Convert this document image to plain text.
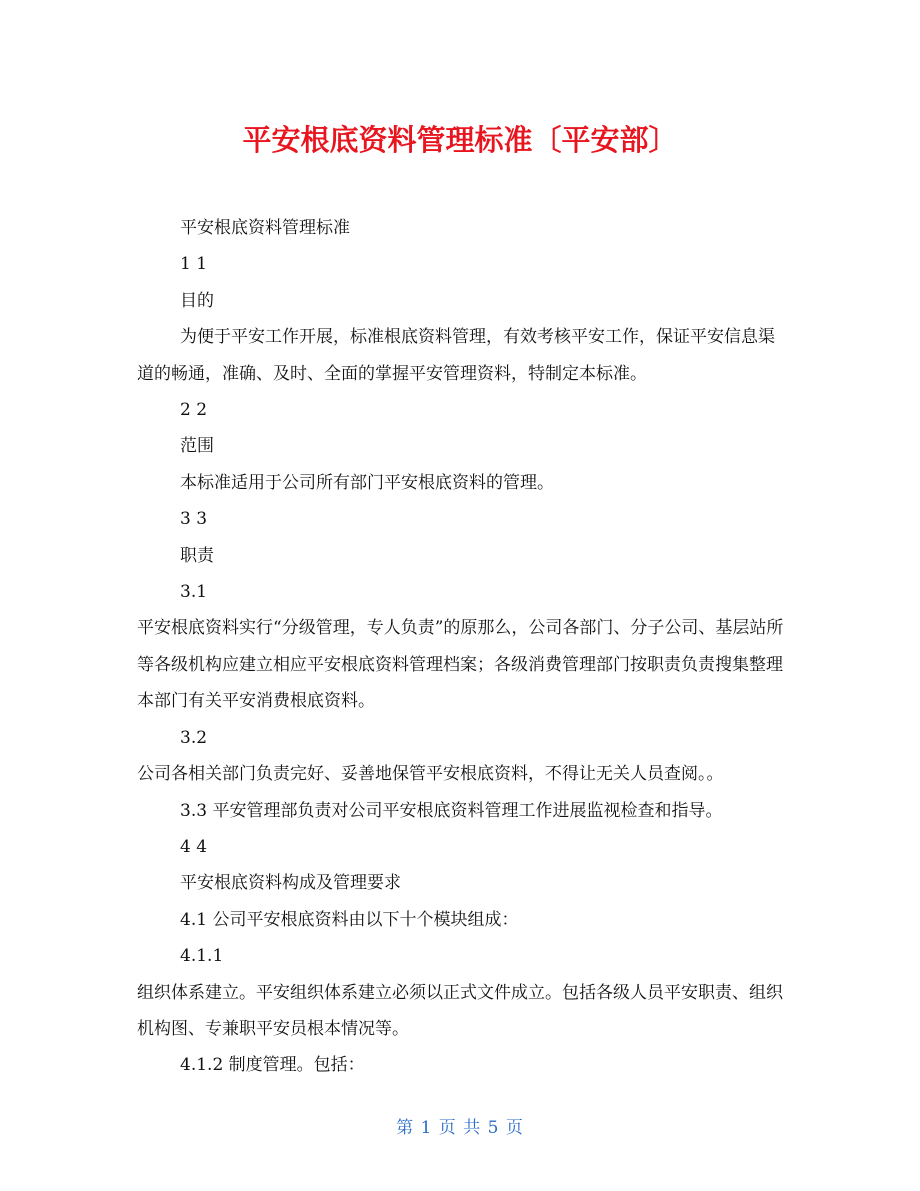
平安根底资料管理标准〔平安部〕

平安根底资料管理标准

1 1

目的

为便于平安工作开展，标准根底资料管理，有效考核平安工作，保证平安信息渠道的畅通，准确、及时、全面的掌握平安管理资料，特制定本标准。

2 2

范围

本标准适用于公司所有部门平安根底资料的管理。

3 3

职责

3.1

平安根底资料实行“分级管理，专人负责”的原那么，公司各部门、分子公司、基层站所等各级机构应建立相应平安根底资料管理档案；各级消费管理部门按职责负责搜集整理本部门有关平安消费根底资料。

3.2

公司各相关部门负责完好、妥善地保管平安根底资料，不得让无关人员查阅。。

3.3 平安管理部负责对公司平安根底资料管理工作进展监视检查和指导。

4 4

平安根底资料构成及管理要求

4.1 公司平安根底资料由以下十个模块组成：

4.1.1

组织体系建立。平安组织体系建立必须以正式文件成立。包括各级人员平安职责、组织机构图、专兼职平安员根本情况等。

4.1.2 制度管理。包括：

第 1 页 共 5 页
